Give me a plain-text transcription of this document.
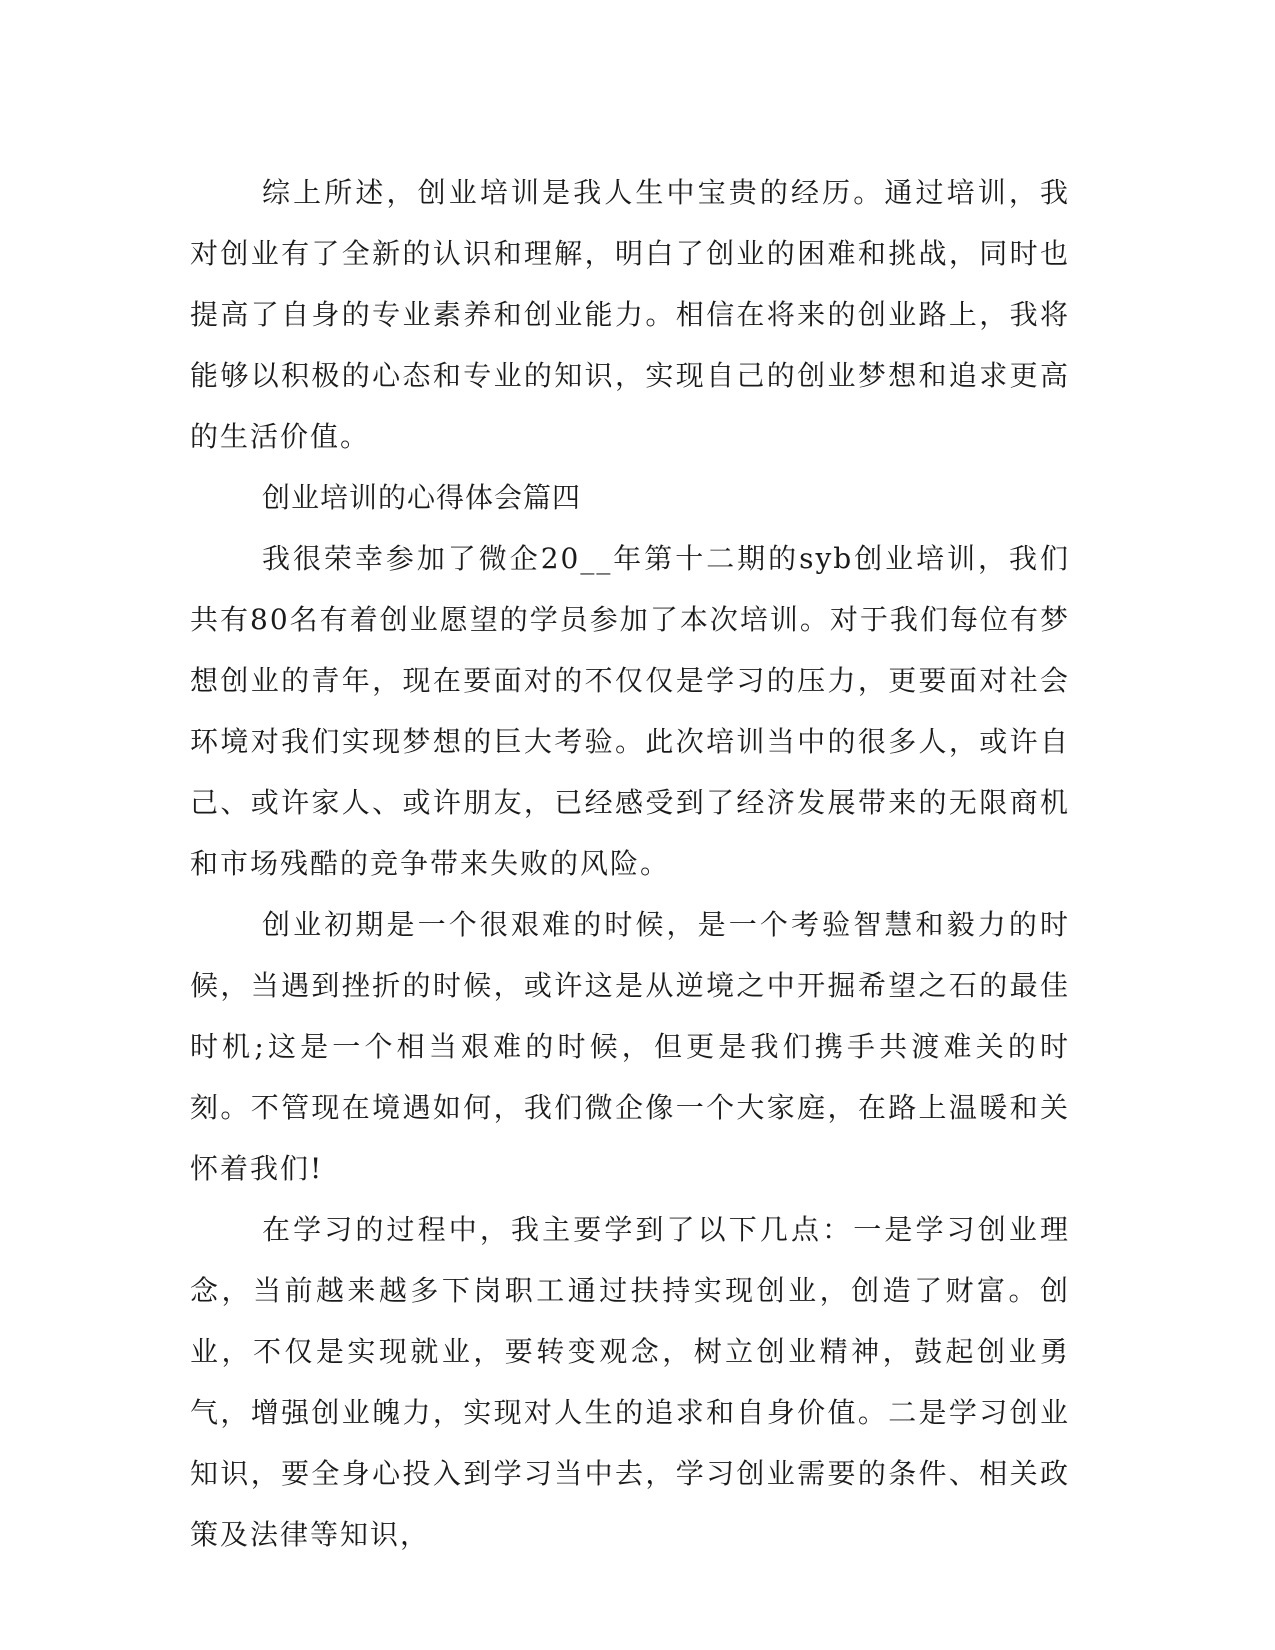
综上所述，创业培训是我人生中宝贵的经历。通过培训，我对创业有了全新的认识和理解，明白了创业的困难和挑战，同时也提高了自身的专业素养和创业能力。相信在将来的创业路上，我将能够以积极的心态和专业的知识，实现自己的创业梦想和追求更高的生活价值。

创业培训的心得体会篇四

我很荣幸参加了微企20__年第十二期的syb创业培训，我们共有80名有着创业愿望的学员参加了本次培训。对于我们每位有梦想创业的青年，现在要面对的不仅仅是学习的压力，更要面对社会环境对我们实现梦想的巨大考验。此次培训当中的很多人，或许自己、或许家人、或许朋友，已经感受到了经济发展带来的无限商机和市场残酷的竞争带来失败的风险。

创业初期是一个很艰难的时候，是一个考验智慧和毅力的时候，当遇到挫折的时候，或许这是从逆境之中开掘希望之石的最佳时机;这是一个相当艰难的时候，但更是我们携手共渡难关的时刻。不管现在境遇如何，我们微企像一个大家庭，在路上温暖和关怀着我们!

在学习的过程中，我主要学到了以下几点：一是学习创业理念，当前越来越多下岗职工通过扶持实现创业，创造了财富。创业，不仅是实现就业，要转变观念，树立创业精神，鼓起创业勇气，增强创业魄力，实现对人生的追求和自身价值。二是学习创业知识，要全身心投入到学习当中去，学习创业需要的条件、相关政策及法律等知识，
